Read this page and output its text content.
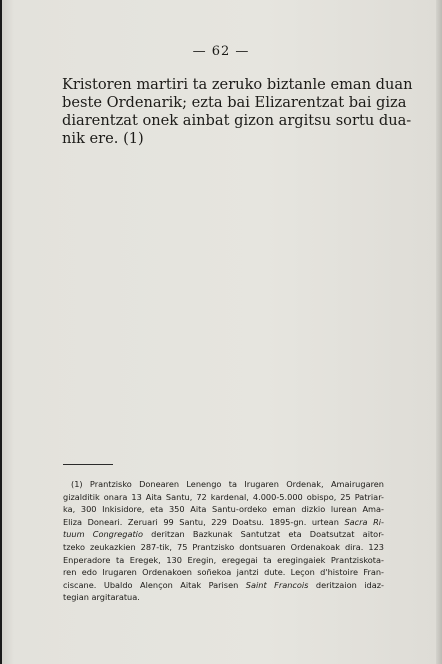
— 62 —
Kristoren martiri ta zeruko biztanle eman duan
beste Ordenarik; ezta bai Elizarentzat bai giza
diarentzat onek ainbat gizon argitsu sortu dua-
nik ere. (1)
(1) Prantzisko Donearen Lenengo ta Irugaren Ordenak, Amairugaren
gizalditik onara 13 Aita Santu, 72 kardenal, 4.000-5.000 obispo, 25 Patriar-
ka, 300 Inkisidore, eta 350 Aita Santu-ordeko eman dizkio lurean Ama-
Eliza Doneari. Zeruari 99 Santu, 229 Doatsu. 1895-gn. urtean Sacra Ri-
tuum Congregatio deritzan Bazkunak Santutzat eta Doatsutzat aitor-
tzeko zeukazkien 287-tik, 75 Prantzisko dontsuaren Ordenakoak dira. 123
Enperadore ta Eregek, 130 Eregin, eregegai ta eregingaiek Prantziskota-
ren edo Irugaren Ordenakoen soñekoa jantzi dute. Leçon d'histoire Fran-
ciscane. Ubaldo Alençon Aitak Parisen Saint Francois deritzaion idaz-
tegian argitaratua.
